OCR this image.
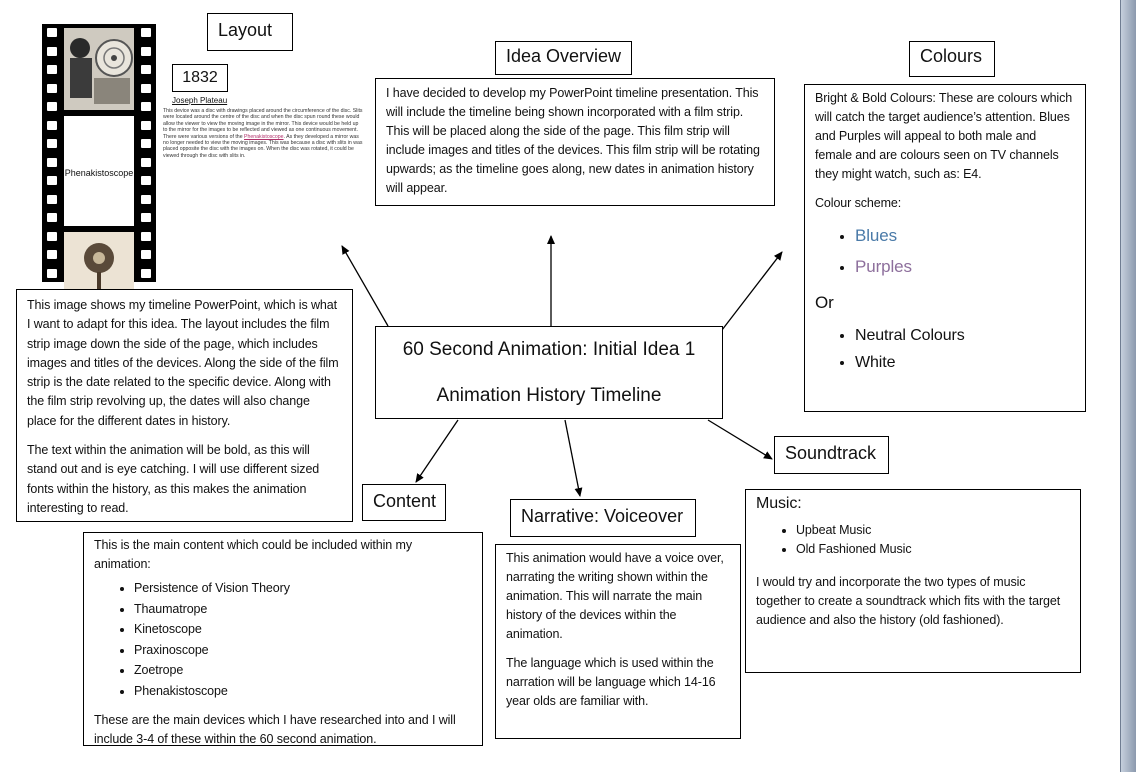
Layout
Phenakistoscope
1832
Joseph Plateau
This device was a disc with drawings placed around the circumference of the disc. Slits were located around the centre of the disc and when the disc spun round these would allow the viewer to view the moving image in the mirror. This device would be held up to the mirror for the images to be reflected and viewed as one continuous movement.
There were various versions of the Phenakistoscope. As they developed a mirror was no longer needed to view the moving images. This was because a disc with slits in was placed opposite the disc with the images on. When the disc was rotated, it could be viewed through the disc with slits in.

This image shows my timeline PowerPoint, which is what I want to adapt for this idea. The layout includes the film strip image down the side of the page, which includes images and titles of the devices. Along the side of the film strip is the date related to the specific device. Along with the film strip revolving up, the dates will also change place for the different dates in history.

The text within the animation will be bold, as this will stand out and is eye catching. I will use different sized fonts within the history, as this makes the animation interesting to read.

Idea Overview

I have decided to develop my PowerPoint timeline presentation. This will include the timeline being shown incorporated with a film strip. This will be placed along the side of the page. This film strip will include images and titles of the devices. This film strip will be rotating upwards; as the timeline goes along, new dates in animation history will appear.

Colours

Bright & Bold Colours: These are colours which will catch the target audience’s attention. Blues and Purples will appeal to both male and female and are colours seen on TV channels they might watch, such as: E4.

Colour scheme:

• Blues
• Purples
Or
• Neutral Colours
• White
60 Second Animation: Initial Idea 1
Animation History Timeline
Content

This is the main content which could be included within my animation:

• Persistence of Vision Theory
• Thaumatrope
• Kinetoscope
• Praxinoscope
• Zoetrope
• Phenakistoscope

These are the main devices which I have researched into and I will include 3-4 of these within the 60 second animation.

Narrative: Voiceover

This animation would have a voice over, narrating the writing shown within the animation. This will narrate the main history of the devices within the animation.

The language which is used within the narration will be language which 14-16 year olds are familiar with.

Soundtrack
Music:
• Upbeat Music
• Old Fashioned Music

I would try and incorporate the two types of music together to create a soundtrack which fits with the target audience and also the history (old fashioned).
